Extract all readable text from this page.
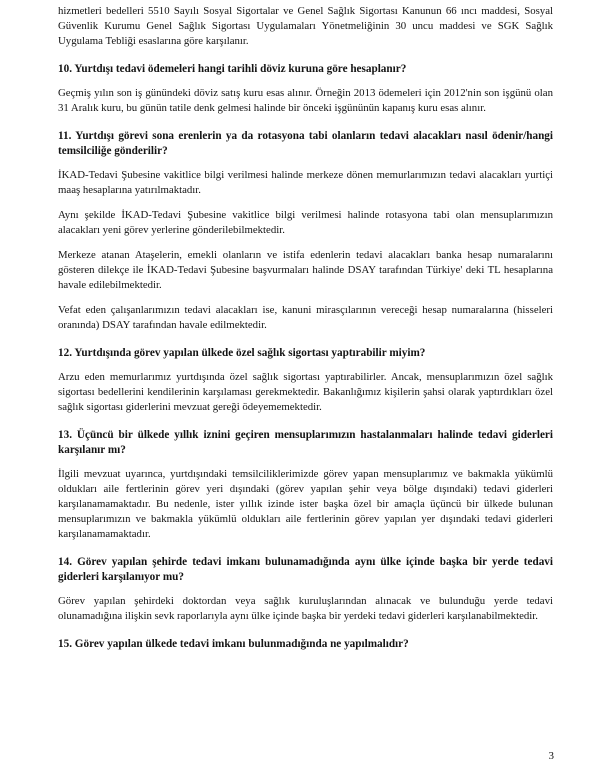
hizmetleri bedelleri 5510 Sayılı Sosyal Sigortalar ve Genel Sağlık Sigortası Kanunun 66 ıncı maddesi, Sosyal Güvenlik Kurumu Genel Sağlık Sigortası Uygulamaları Yönetmeliğinin 30 uncu maddesi ve SGK Sağlık Uygulama Tebliği esaslarına göre karşılanır.

10. Yurtdışı tedavi ödemeleri hangi tarihli döviz kuruna göre hesaplanır?

Geçmiş yılın son iş günündeki döviz satış kuru esas alınır. Örneğin 2013 ödemeleri için 2012'nin son işgünü olan 31 Aralık kuru, bu günün tatile denk gelmesi halinde bir önceki işgününün kapanış kuru esas alınır.

11. Yurtdışı görevi sona erenlerin ya da rotasyona tabi olanların tedavi alacakları nasıl ödenir/hangi temsilciliğe gönderilir?

İKAD-Tedavi Şubesine vakitlice bilgi verilmesi halinde merkeze dönen memurlarımızın tedavi alacakları yurtiçi maaş hesaplarına yatırılmaktadır.

Aynı şekilde İKAD-Tedavi Şubesine vakitlice bilgi verilmesi halinde rotasyona tabi olan mensuplarımızın alacakları yeni görev yerlerine gönderilebilmektedir.

Merkeze atanan Ataşelerin, emekli olanların ve istifa edenlerin tedavi alacakları banka hesap numaralarını gösteren dilekçe ile İKAD-Tedavi Şubesine başvurmaları halinde DSAY tarafından Türkiye' deki TL hesaplarına havale edilebilmektedir.

Vefat eden çalışanlarımızın tedavi alacakları ise, kanuni mirasçılarının vereceği hesap numaralarına (hisseleri oranında) DSAY tarafından havale edilmektedir.

12. Yurtdışında görev yapılan ülkede özel sağlık sigortası yaptırabilir miyim?

Arzu eden memurlarımız yurtdışında özel sağlık sigortası yaptırabilirler. Ancak, mensuplarımızın özel sağlık sigortası bedellerini kendilerinin karşılaması gerekmektedir. Bakanlığımız kişilerin şahsi olarak yaptırdıkları özel sağlık sigortası giderlerini mevzuat gereği ödeyememektedir.

13. Üçüncü bir ülkede yıllık iznini geçiren mensuplarımızın hastalanmaları halinde tedavi giderleri karşılanır mı?

İlgili mevzuat uyarınca, yurtdışındaki temsilciliklerimizde görev yapan mensuplarımız ve bakmakla yükümlü oldukları aile fertlerinin görev yeri dışındaki (görev yapılan şehir veya bölge dışındaki) tedavi giderleri karşılanamamaktadır. Bu nedenle, ister yıllık izinde ister başka özel bir amaçla üçüncü bir ülkede bulunan mensuplarımızın ve bakmakla yükümlü oldukları aile fertlerinin görev yapılan yer dışındaki tedavi giderleri karşılanamamaktadır.

14. Görev yapılan şehirde tedavi imkanı bulunamadığında aynı ülke içinde başka bir yerde tedavi giderleri karşılanıyor mu?

Görev yapılan şehirdeki doktordan veya sağlık kuruluşlarından alınacak ve bulunduğu yerde tedavi olunamadığına ilişkin sevk raporlarıyla aynı ülke içinde başka bir yerdeki tedavi giderleri karşılanabilmektedir.

15. Görev yapılan ülkede tedavi imkanı bulunmadığında ne yapılmalıdır?

3
